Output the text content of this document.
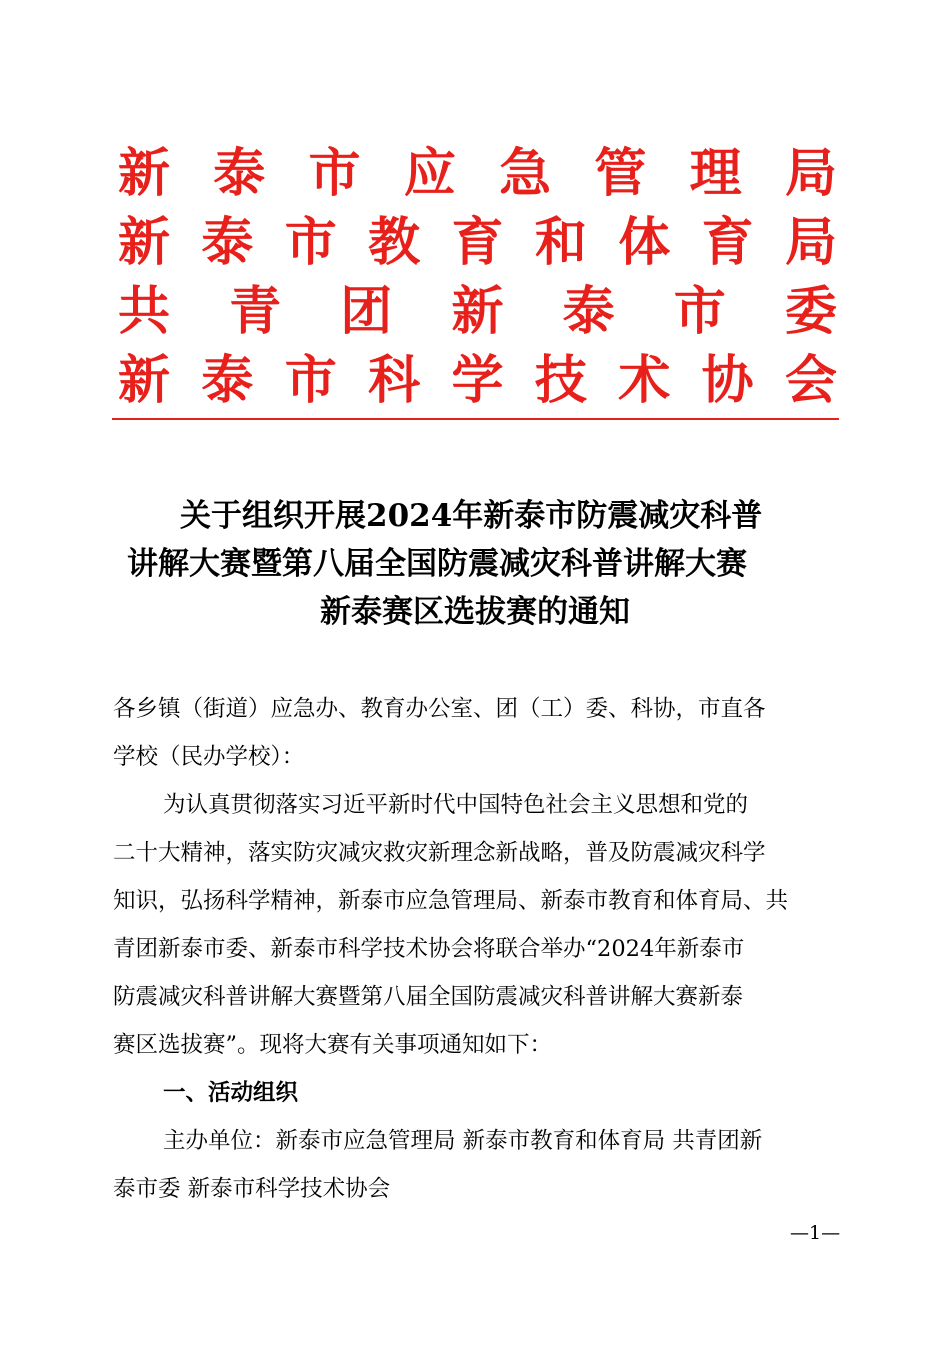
新 泰 市 应 急 管 理 局
新 泰 市 教 育 和 体 育 局
共 青 团 新 泰 市 委
新 泰 市 科 学 技 术 协 会
关于组织开展2024年新泰市防震减灾科普
讲解大赛暨第八届全国防震减灾科普讲解大赛
新泰赛区选拔赛的通知
各乡镇（街道）应急办、教育办公室、团（工）委、科协，市直各
学校（民办学校）：
为认真贯彻落实习近平新时代中国特色社会主义思想和党的
二十大精神，落实防灾减灾救灾新理念新战略，普及防震减灾科学
知识，弘扬科学精神，新泰市应急管理局、新泰市教育和体育局、共
青团新泰市委、新泰市科学技术协会将联合举办“2024年新泰市
防震减灾科普讲解大赛暨第八届全国防震减灾科普讲解大赛新泰
赛区选拔赛”。现将大赛有关事项通知如下：
一、活动组织
主办单位：新泰市应急管理局 新泰市教育和体育局 共青团新
泰市委 新泰市科学技术协会
—1—
